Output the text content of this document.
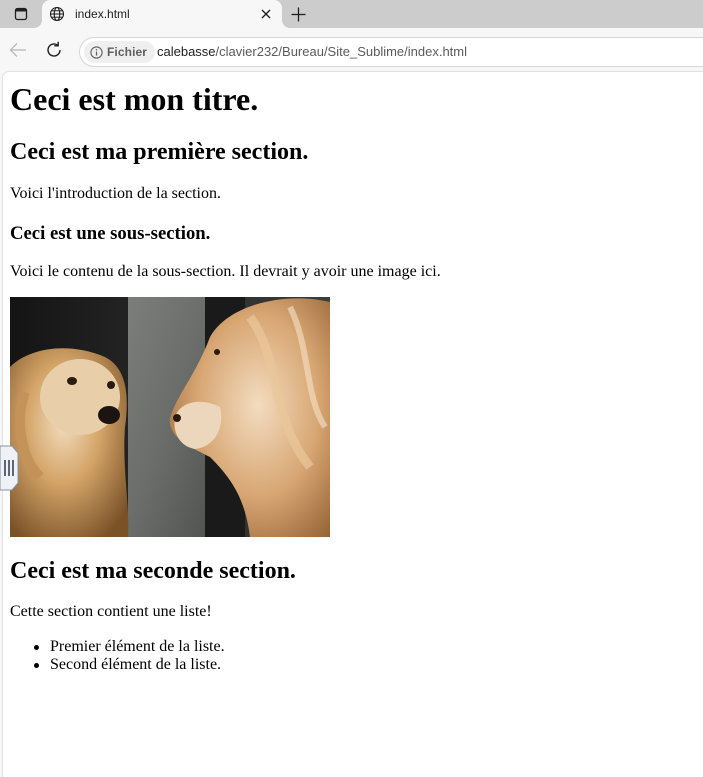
index.html
Fichier calebasse/clavier232/Bureau/Site_Sublime/index.html
Ceci est mon titre.
Ceci est ma première section.

Voici l'introduction de la section.

Ceci est une sous-section.

Voici le contenu de la sous-section. Il devrait y avoir une image ici.

Ceci est ma seconde section.

Cette section contient une liste!

Premier élément de la liste.
Second élément de la liste.
